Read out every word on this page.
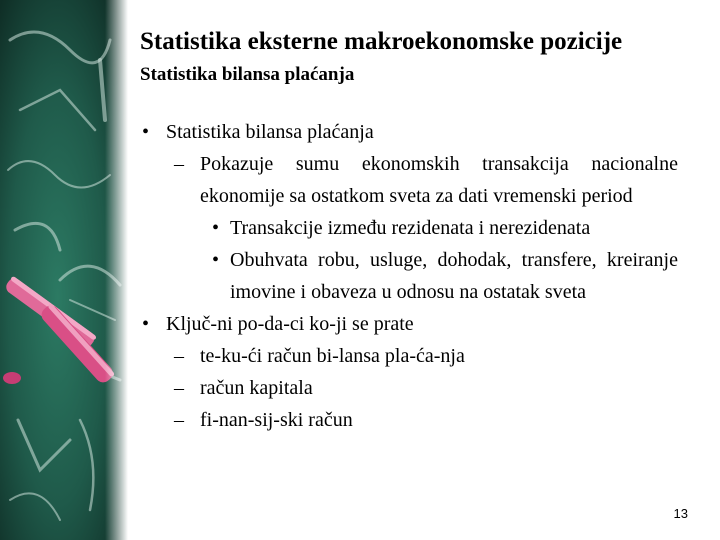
Statistika eksterne makroekonomske pozicije
Statistika bilansa plaćanja
• Statistika bilansa plaćanja
– Pokazuje sumu ekonomskih transakcija nacionalne ekonomije sa ostatkom sveta za dati vremenski period
• Transakcije između rezidenata i nerezidenata
• Obuhvata robu, usluge, dohodak, transfere, kreiranje imovine i obaveza u odnosu na ostatak sveta
• Ključ-ni po-da-ci ko-ji se prate
– te-ku-ći račun bi-lansa pla-ća-nja
– račun kapitala
– fi-nan-sij-ski račun
13
